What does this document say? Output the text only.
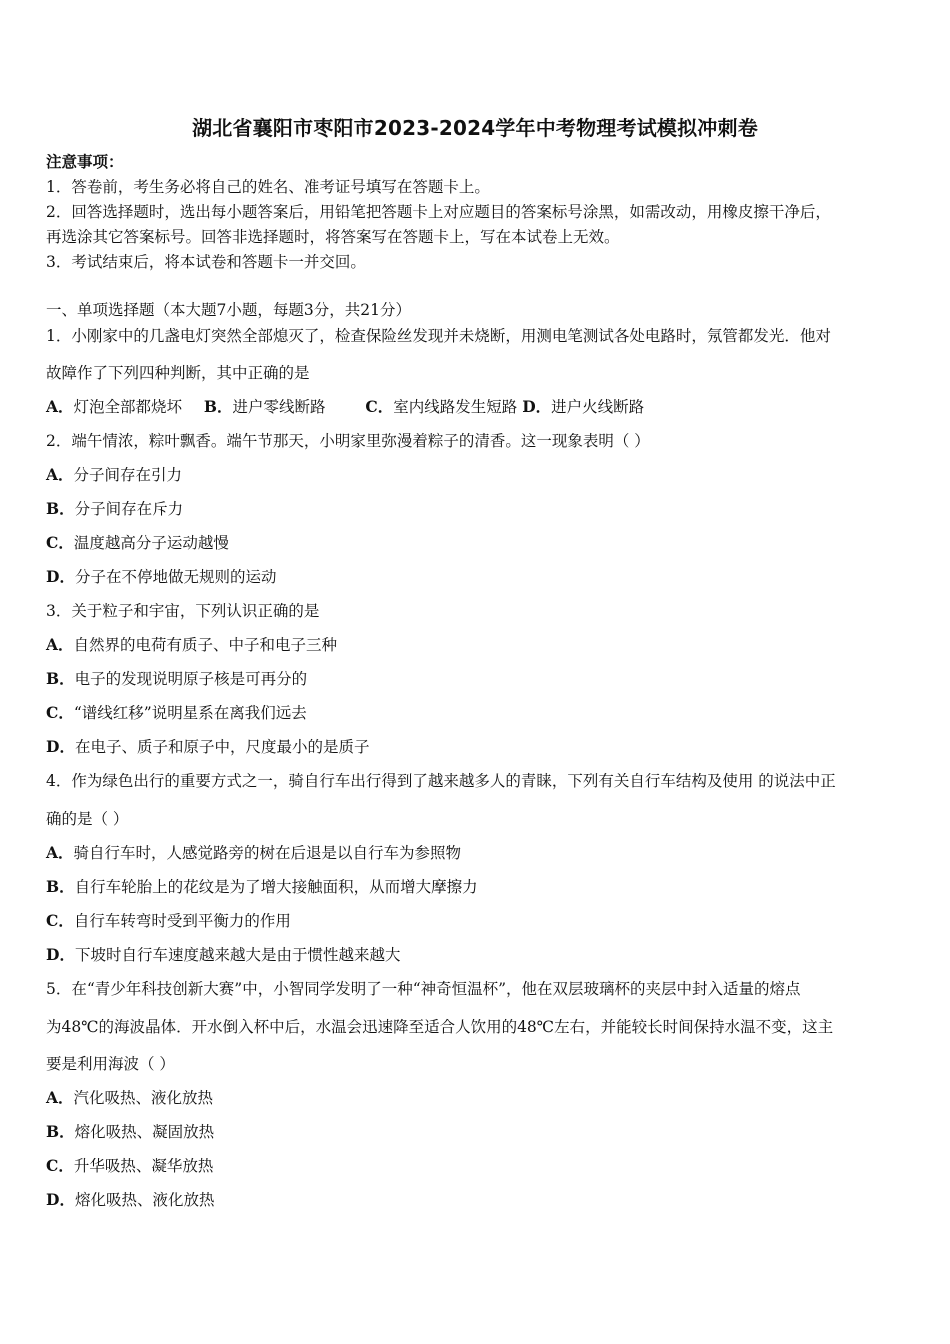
湖北省襄阳市枣阳市2023-2024学年中考物理考试模拟冲刺卷
注意事项：
1．答卷前，考生务必将自己的姓名、准考证号填写在答题卡上。
2．回答选择题时，选出每小题答案后，用铅笔把答题卡上对应题目的答案标号涂黑，如需改动，用橡皮擦干净后，
再选涂其它答案标号。回答非选择题时，将答案写在答题卡上，写在本试卷上无效。
3．考试结束后，将本试卷和答题卡一并交回。
一、单项选择题（本大题7小题，每题3分，共21分）
1．小刚家中的几盏电灯突然全部熄灭了，检查保险丝发现并未烧断，用测电笔测试各处电路时，氖管都发光．他对
故障作了下列四种判断，其中正确的是
A．灯泡全部都烧坏 B．进户零线断路	C．室内线路发生短路 D．进户火线断路
2．端午情浓，粽叶飘香。端午节那天，小明家里弥漫着粽子的清香。这一现象表明（ ）
A．分子间存在引力
B．分子间存在斥力
C．温度越高分子运动越慢
D．分子在不停地做无规则的运动
3．关于粒子和宇宙，下列认识正确的是
A．自然界的电荷有质子、中子和电子三种
B．电子的发现说明原子核是可再分的
C．“谱线红移”说明星系在离我们远去
D．在电子、质子和原子中，尺度最小的是质子
4．作为绿色出行的重要方式之一，骑自行车出行得到了越来越多人的青睐，下列有关自行车结构及使用 的说法中正
确的是（ ）
A．骑自行车时，人感觉路旁的树在后退是以自行车为参照物
B．自行车轮胎上的花纹是为了增大接触面积，从而增大摩擦力
C．自行车转弯时受到平衡力的作用
D．下坡时自行车速度越来越大是由于惯性越来越大
5．在“青少年科技创新大赛”中，小智同学发明了一种“神奇恒温杯”，他在双层玻璃杯的夹层中封入适量的熔点
为48℃的海波晶体．开水倒入杯中后，水温会迅速降至适合人饮用的48℃左右，并能较长时间保持水温不变，这主
要是利用海波（ ）
A．汽化吸热、液化放热
B．熔化吸热、凝固放热
C．升华吸热、凝华放热
D．熔化吸热、液化放热
